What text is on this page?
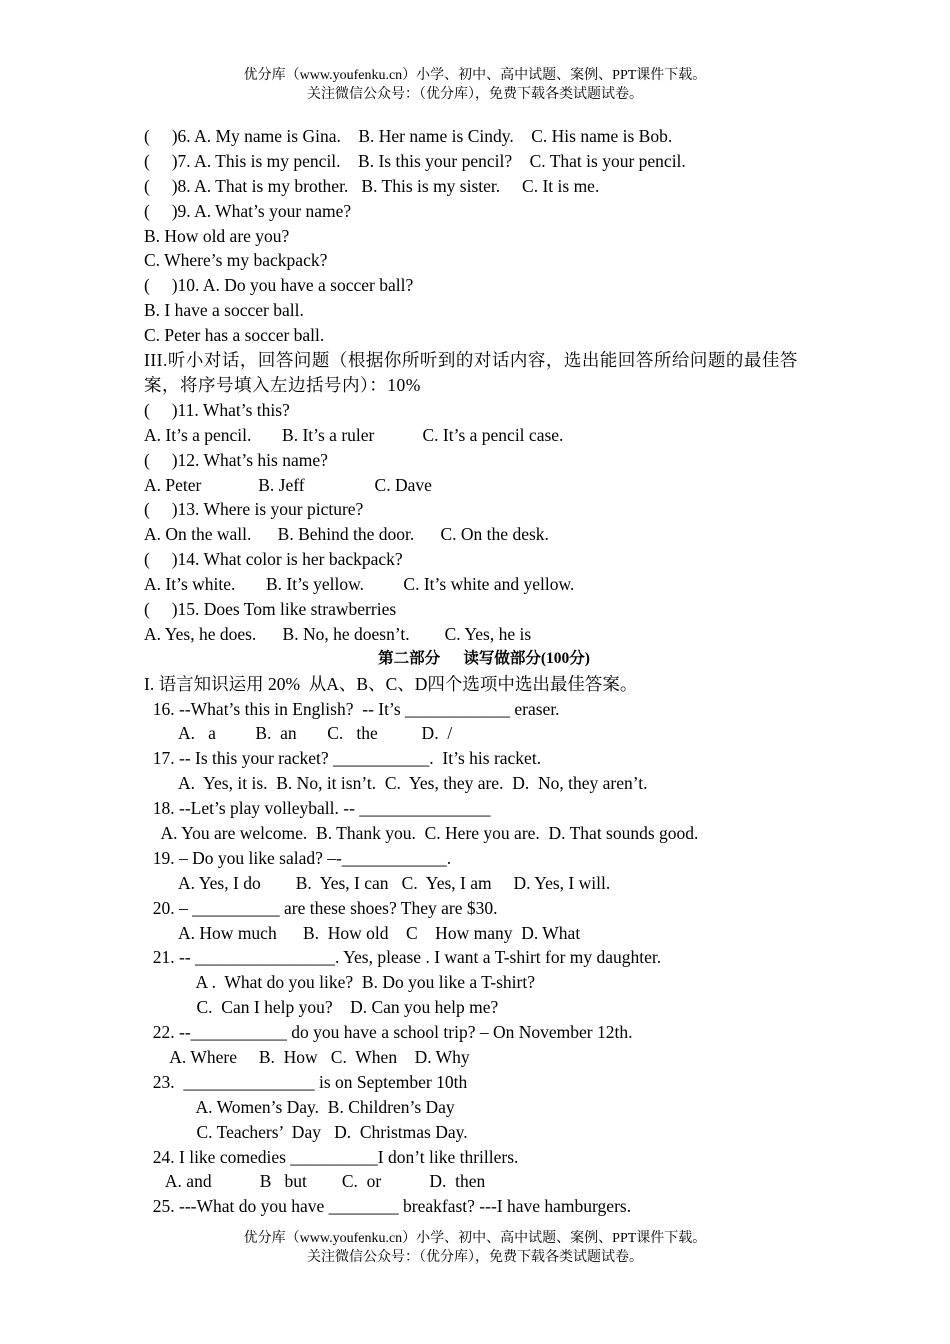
优分库（www.youfenku.cn）小学、初中、高中试题、案例、PPT课件下载。
关注微信公众号：（优分库），免费下载各类试题试卷。
(     )6. A. My name is Gina.    B. Her name is Cindy.    C. His name is Bob.
(     )7. A. This is my pencil.    B. Is this your pencil?    C. That is your pencil.
(     )8. A. That is my brother.   B. This is my sister.     C. It is me.
(     )9. A. What’s your name?
B. How old are you?
C. Where’s my backpack?
(     )10. A. Do you have a soccer ball?
B. I have a soccer ball.
C. Peter has a soccer ball.
III.听小对话，回答问题（根据你所听到的对话内容，选出能回答所给问题的最佳答案，将序号填入左边括号内）：10%
(     )11. What’s this?
A. It’s a pencil.       B. It’s a ruler           C. It’s a pencil case.
(     )12. What’s his name?
A. Peter             B. Jeff                C. Dave
(     )13. Where is your picture?
A. On the wall.      B. Behind the door.      C. On the desk.
(     )14. What color is her backpack?
A. It’s white.       B. It’s yellow.         C. It’s white and yellow.
(     )15. Does Tom like strawberries
A. Yes, he does.      B. No, he doesn’t.        C. Yes, he is
第二部分      读写做部分(100分)
I. 语言知识运用 20%  从A、B、C、D四个选项中选出最佳答案。
16. --What’s this in English?  -- It’s ____________ eraser.
A.   a         B.  an       C.   the          D.  /
17. -- Is this your racket? ___________.  It’s his racket.
A.  Yes, it is.  B. No, it isn’t.  C.  Yes, they are.  D.  No, they aren’t.
18. --Let’s play volleyball. -- _______________
A. You are welcome.  B. Thank you.  C. Here you are.  D. That sounds good.
19. – Do you like salad? –-____________.
A. Yes, I do        B.  Yes, I can   C.  Yes, I am     D. Yes, I will.
20. – __________ are these shoes? They are $30.
A. How much      B.  How old    C    How many  D. What
21. -- ________________. Yes, please . I want a T-shirt for my daughter.
A .  What do you like?  B. Do you like a T-shirt?
C.  Can I help you?    D. Can you help me?
22. --___________ do you have a school trip? – On November 12th.
A. Where     B.  How   C.  When    D. Why
23.  _______________ is on September 10th
A. Women’s Day.  B. Children’s Day
C. Teachers’  Day   D.  Christmas Day.
24. I like comedies __________I don’t like thrillers.
A. and           B   but        C.  or           D.  then
25. ---What do you have ________ breakfast? ---I have hamburgers.
优分库（www.youfenku.cn）小学、初中、高中试题、案例、PPT课件下载。
关注微信公众号：（优分库），免费下载各类试题试卷。
